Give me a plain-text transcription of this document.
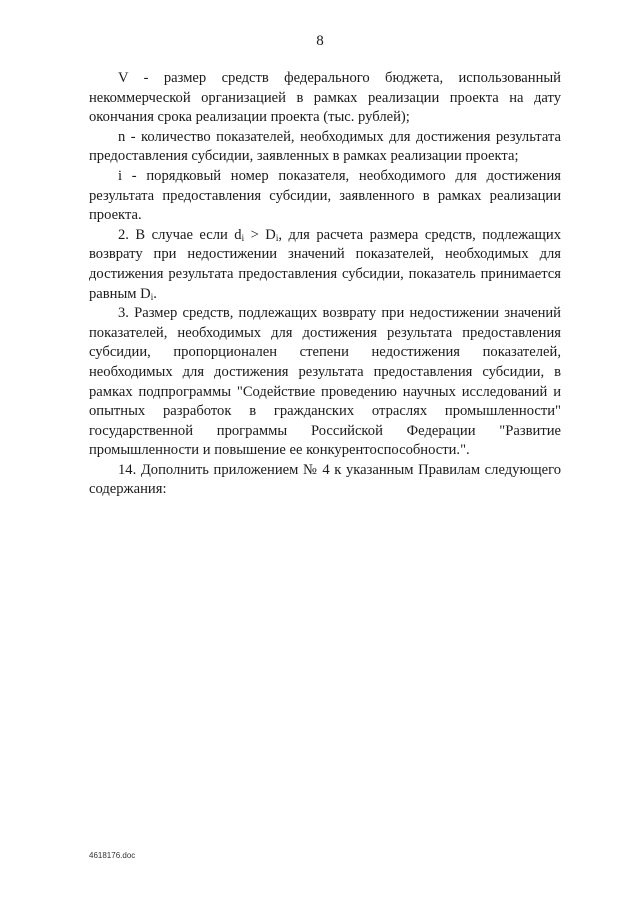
8

V - размер средств федерального бюджета, использованный некоммерческой организацией в рамках реализации проекта на дату окончания срока реализации проекта (тыс. рублей);

n - количество показателей, необходимых для достижения результата предоставления субсидии, заявленных в рамках реализации проекта;

i - порядковый номер показателя, необходимого для достижения результата предоставления субсидии, заявленного в рамках реализации проекта.

2. В случае если $d_i > D_i$, для расчета размера средств, подлежащих возврату при недостижении значений показателей, необходимых для достижения результата предоставления субсидии, показатель принимается равным $D_i$.

3. Размер средств, подлежащих возврату при недостижении значений показателей, необходимых для достижения результата предоставления субсидии, пропорционален степени недостижения показателей, необходимых для достижения результата предоставления субсидии, в рамках подпрограммы "Содействие проведению научных исследований и опытных разработок в гражданских отраслях промышленности" государственной программы Российской Федерации "Развитие промышленности и повышение ее конкурентоспособности.".

14. Дополнить приложением № 4 к указанным Правилам следующего содержания:

4618176.doc
